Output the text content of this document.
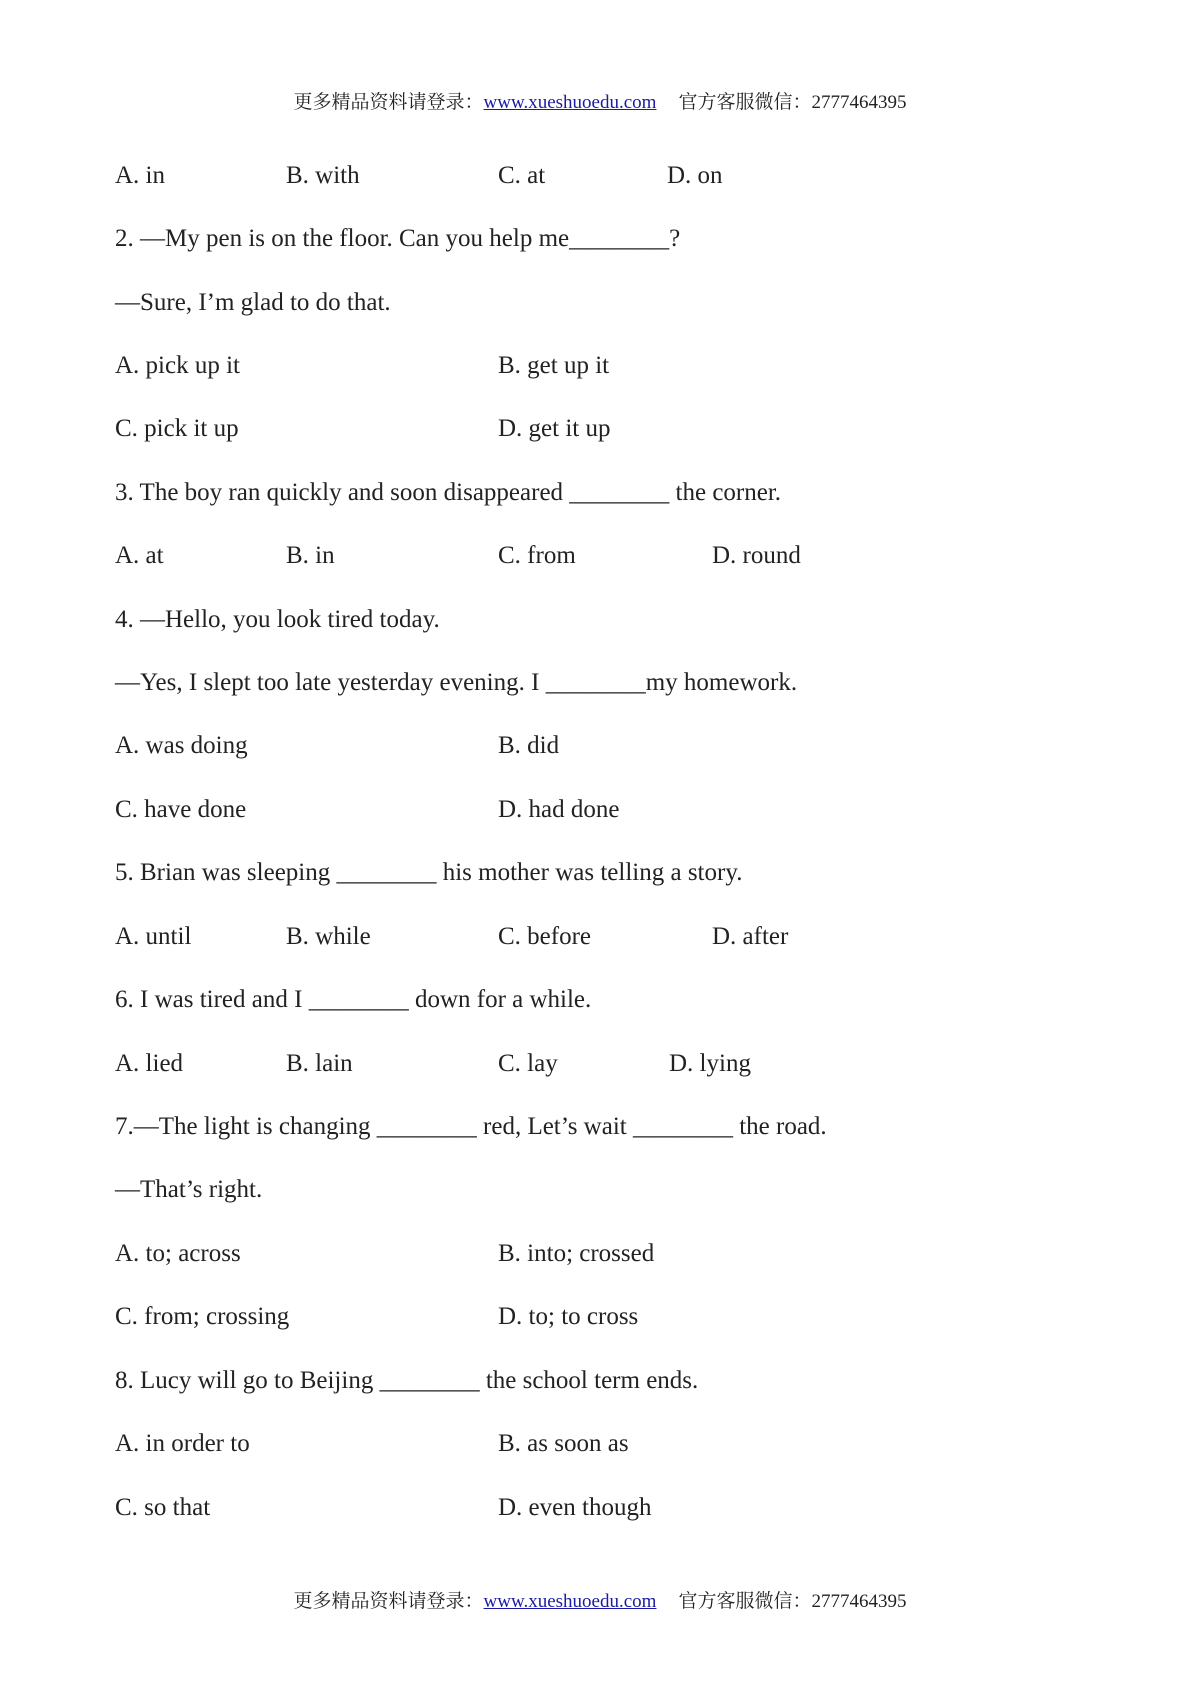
更多精品资料请登录：www.xueshuoedu.com 官方客服微信：2777464395
A. in	B. with	C. at	D. on
2. —My pen is on the floor. Can you help me________?
—Sure, I’m glad to do that.
A. pick up it	B. get up it
C. pick it up	D. get it up
3. The boy ran quickly and soon disappeared ________ the corner.
A. at	B. in	C. from	D. round
4. —Hello, you look tired today.
—Yes, I slept too late yesterday evening. I ________my homework.
A. was doing	B. did
C. have done	D. had done
5. Brian was sleeping ________ his mother was telling a story.
A. until	B. while	C. before	D. after
6. I was tired and I ________ down for a while.
A. lied	B. lain	C. lay	D. lying
7.—The light is changing ________ red, Let’s wait ________ the road.
—That’s right.
A. to; across	B. into; crossed
C. from; crossing	D. to; to cross
8. Lucy will go to Beijing ________ the school term ends.
A. in order to	B. as soon as
C. so that	D. even though
更多精品资料请登录：www.xueshuoedu.com 官方客服微信：2777464395
